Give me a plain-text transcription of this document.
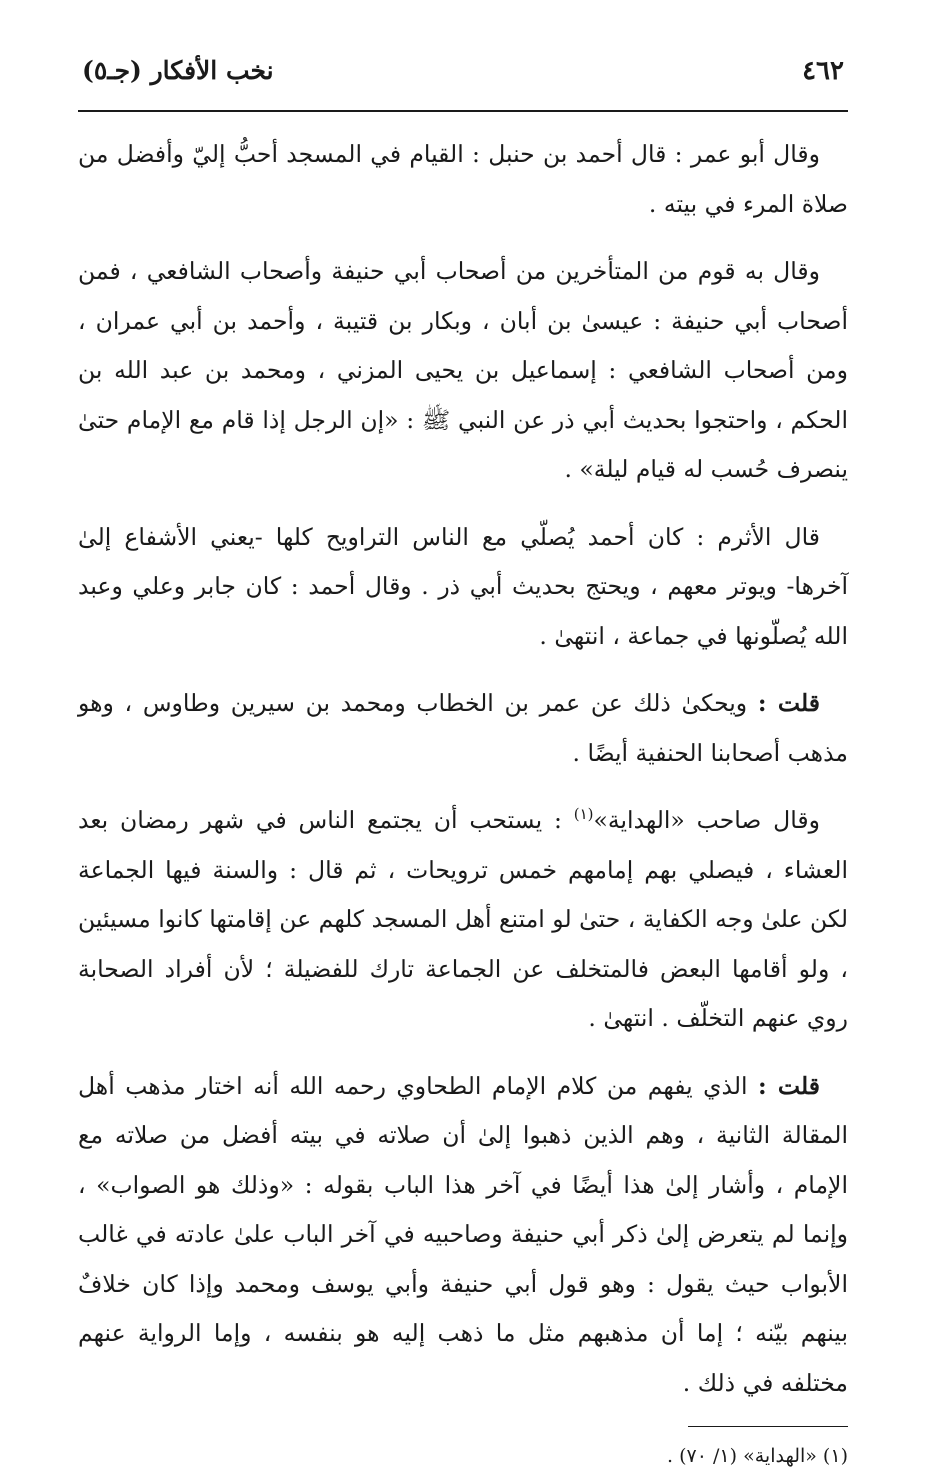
٤٦٢
نخب الأفكار (جـ٥)

وقال أبو عمر : قال أحمد بن حنبل : القيام في المسجد أحبُّ إليّ وأفضل من صلاة المرء في بيته .

وقال به قوم من المتأخرين من أصحاب أبي حنيفة وأصحاب الشافعي ، فمن أصحاب أبي حنيفة : عيسىٰ بن أبان ، وبكار بن قتيبة ، وأحمد بن أبي عمران ، ومن أصحاب الشافعي : إسماعيل بن يحيى المزني ، ومحمد بن عبد الله بن الحكم ، واحتجوا بحديث أبي ذر عن النبي ﷺ : «إن الرجل إذا قام مع الإمام حتىٰ ينصرف حُسب له قيام ليلة» .

قال الأثرم : كان أحمد يُصلّي مع الناس التراويح كلها -يعني الأشفاع إلىٰ آخرها- ويوتر معهم ، ويحتج بحديث أبي ذر . وقال أحمد : كان جابر وعلي وعبد الله يُصلّونها في جماعة ، انتهىٰ .

قلت : ويحكىٰ ذلك عن عمر بن الخطاب ومحمد بن سيرين وطاوس ، وهو مذهب أصحابنا الحنفية أيضًا .

وقال صاحب «الهداية»$^{(١)}$ : يستحب أن يجتمع الناس في شهر رمضان بعد العشاء ، فيصلي بهم إمامهم خمس ترويحات ، ثم قال : والسنة فيها الجماعة لكن علىٰ وجه الكفاية ، حتىٰ لو امتنع أهل المسجد كلهم عن إقامتها كانوا مسيئين ، ولو أقامها البعض فالمتخلف عن الجماعة تارك للفضيلة ؛ لأن أفراد الصحابة روي عنهم التخلّف . انتهىٰ .

قلت : الذي يفهم من كلام الإمام الطحاوي رحمه الله أنه اختار مذهب أهل المقالة الثانية ، وهم الذين ذهبوا إلىٰ أن صلاته في بيته أفضل من صلاته مع الإمام ، وأشار إلىٰ هذا أيضًا في آخر هذا الباب بقوله : «وذلك هو الصواب» ، وإنما لم يتعرض إلىٰ ذكر أبي حنيفة وصاحبيه في آخر الباب علىٰ عادته في غالب الأبواب حيث يقول : وهو قول أبي حنيفة وأبي يوسف ومحمد وإذا كان خلافٌ بينهم بيّنه ؛ إما أن مذهبهم مثل ما ذهب إليه هو بنفسه ، وإما الرواية عنهم مختلفه في ذلك .

(١) «الهداية» (١/ ٧٠) .
